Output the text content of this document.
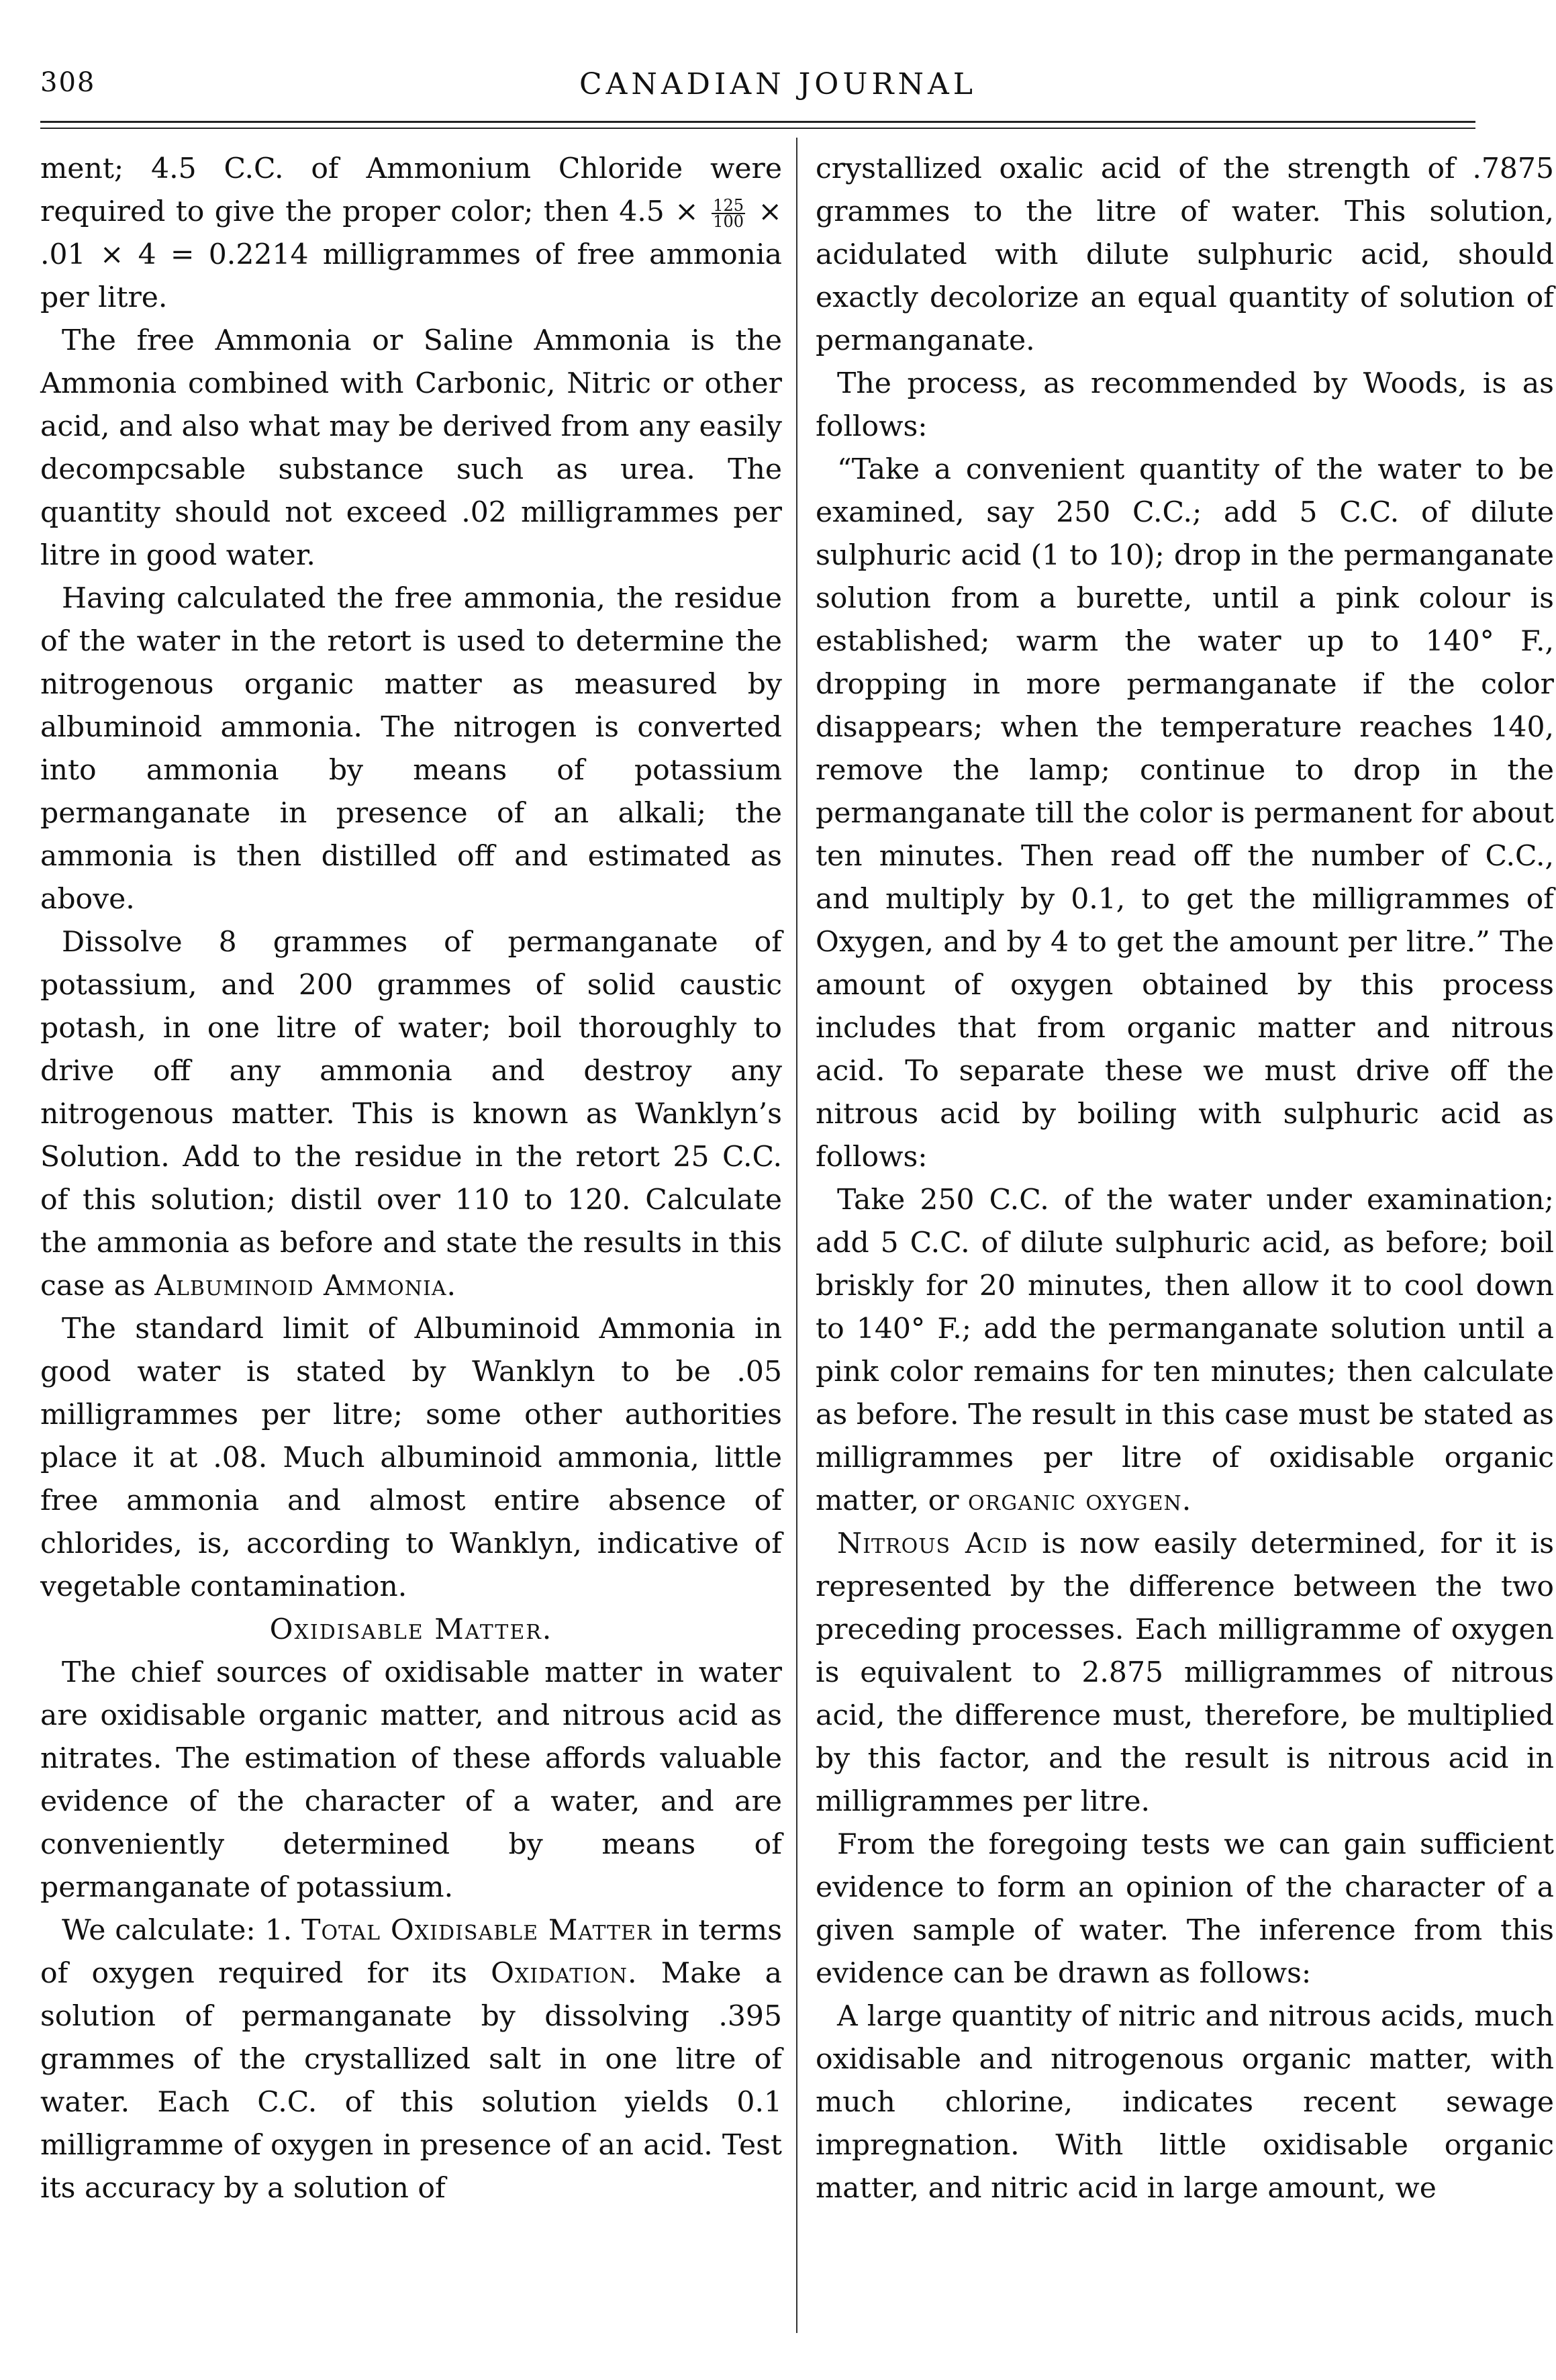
308	CANADIAN JOURNAL

ment; 4.5 C.C. of Ammonium Chloride were required to give the proper color; then $4.5 \times \frac{125}{100} \times .01 \times 4 = 0.2214$ milligrammes of free ammonia per litre.

The free Ammonia or Saline Ammonia is the Ammonia combined with Carbonic, Nitric or other acid, and also what may be derived from any easily decompcsable substance such as urea. The quantity should not exceed .02 milligrammes per litre in good water.

Having calculated the free ammonia, the residue of the water in the retort is used to determine the nitrogenous organic matter as measured by albuminoid ammonia. The nitrogen is converted into ammonia by means of potassium permanganate in presence of an alkali; the ammonia is then distilled off and estimated as above.

Dissolve 8 grammes of permanganate of potassium, and 200 grammes of solid caustic potash, in one litre of water; boil thoroughly to drive off any ammonia and destroy any nitrogenous matter. This is known as Wanklyn’s Solution. Add to the residue in the retort 25 C.C. of this solution; distil over 110 to 120. Calculate the ammonia as before and state the results in this case as Albuminoid Ammonia.

The standard limit of Albuminoid Ammonia in good water is stated by Wanklyn to be .05 milligrammes per litre; some other authorities place it at .08. Much albuminoid ammonia, little free ammonia and almost entire absence of chlorides, is, according to Wanklyn, indicative of vegetable contamination.

Oxidisable Matter.

The chief sources of oxidisable matter in water are oxidisable organic matter, and nitrous acid as nitrates. The estimation of these affords valuable evidence of the character of a water, and are conveniently determined by means of permanganate of potassium.

We calculate: 1. Total Oxidisable Matter in terms of oxygen required for its Oxidation. Make a solution of permanganate by dissolving .395 grammes of the crystallized salt in one litre of water. Each C.C. of this solution yields 0.1 milligramme of oxygen in presence of an acid. Test its accuracy by a solution of

crystallized oxalic acid of the strength of .7875 grammes to the litre of water. This solution, acidulated with dilute sulphuric acid, should exactly decolorize an equal quantity of solution of permanganate.

The process, as recommended by Woods, is as follows:

“Take a convenient quantity of the water to be examined, say 250 C.C.; add 5 C.C. of dilute sulphuric acid (1 to 10); drop in the permanganate solution from a burette, until a pink colour is established; warm the water up to 140° F., dropping in more permanganate if the color disappears; when the temperature reaches 140, remove the lamp; continue to drop in the permanganate till the color is permanent for about ten minutes. Then read off the number of C.C., and multiply by 0.1, to get the milligrammes of Oxygen, and by 4 to get the amount per litre.” The amount of oxygen obtained by this process includes that from organic matter and nitrous acid. To separate these we must drive off the nitrous acid by boiling with sulphuric acid as follows:

Take 250 C.C. of the water under examination; add 5 C.C. of dilute sulphuric acid, as before; boil briskly for 20 minutes, then allow it to cool down to 140° F.; add the permanganate solution until a pink color remains for ten minutes; then calculate as before. The result in this case must be stated as milligrammes per litre of oxidisable organic matter, or organic oxygen.

Nitrous Acid is now easily determined, for it is represented by the difference between the two preceding processes. Each milligramme of oxygen is equivalent to 2.875 milligrammes of nitrous acid, the difference must, therefore, be multiplied by this factor, and the result is nitrous acid in milligrammes per litre.

From the foregoing tests we can gain sufficient evidence to form an opinion of the character of a given sample of water. The inference from this evidence can be drawn as follows:

A large quantity of nitric and nitrous acids, much oxidisable and nitrogenous organic matter, with much chlorine, indicates recent sewage impregnation. With little oxidisable organic matter, and nitric acid in large amount, we
